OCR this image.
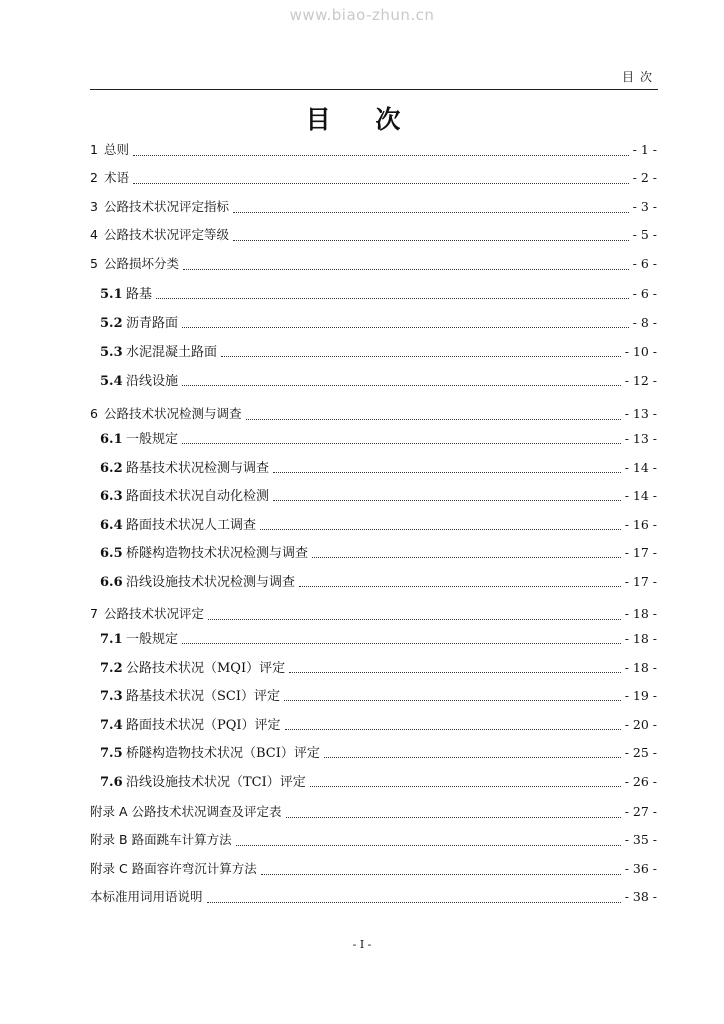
www.biao-zhun.cn
目次
目 次
1 总则	- 1 -
2 术语	- 2 -
3 公路技术状况评定指标	- 3 -
4 公路技术状况评定等级	- 5 -
5 公路损坏分类	- 6 -
5.1 路基	- 6 -
5.2 沥青路面	- 8 -
5.3 水泥混凝土路面	- 10 -
5.4 沿线设施	- 12 -
6 公路技术状况检测与调查	- 13 -
6.1 一般规定	- 13 -
6.2 路基技术状况检测与调查	- 14 -
6.3 路面技术状况自动化检测	- 14 -
6.4 路面技术状况人工调查	- 16 -
6.5 桥隧构造物技术状况检测与调查	- 17 -
6.6 沿线设施技术状况检测与调查	- 17 -
7 公路技术状况评定	- 18 -
7.1 一般规定	- 18 -
7.2 公路技术状况（MQI）评定	- 18 -
7.3 路基技术状况（SCI）评定	- 19 -
7.4 路面技术状况（PQI）评定	- 20 -
7.5 桥隧构造物技术状况（BCI）评定	- 25 -
7.6 沿线设施技术状况（TCI）评定	- 26 -
附录 A 公路技术状况调查及评定表	- 27 -
附录 B 路面跳车计算方法	- 35 -
附录 C 路面容许弯沉计算方法	- 36 -
本标准用词用语说明	- 38 -
- I -
